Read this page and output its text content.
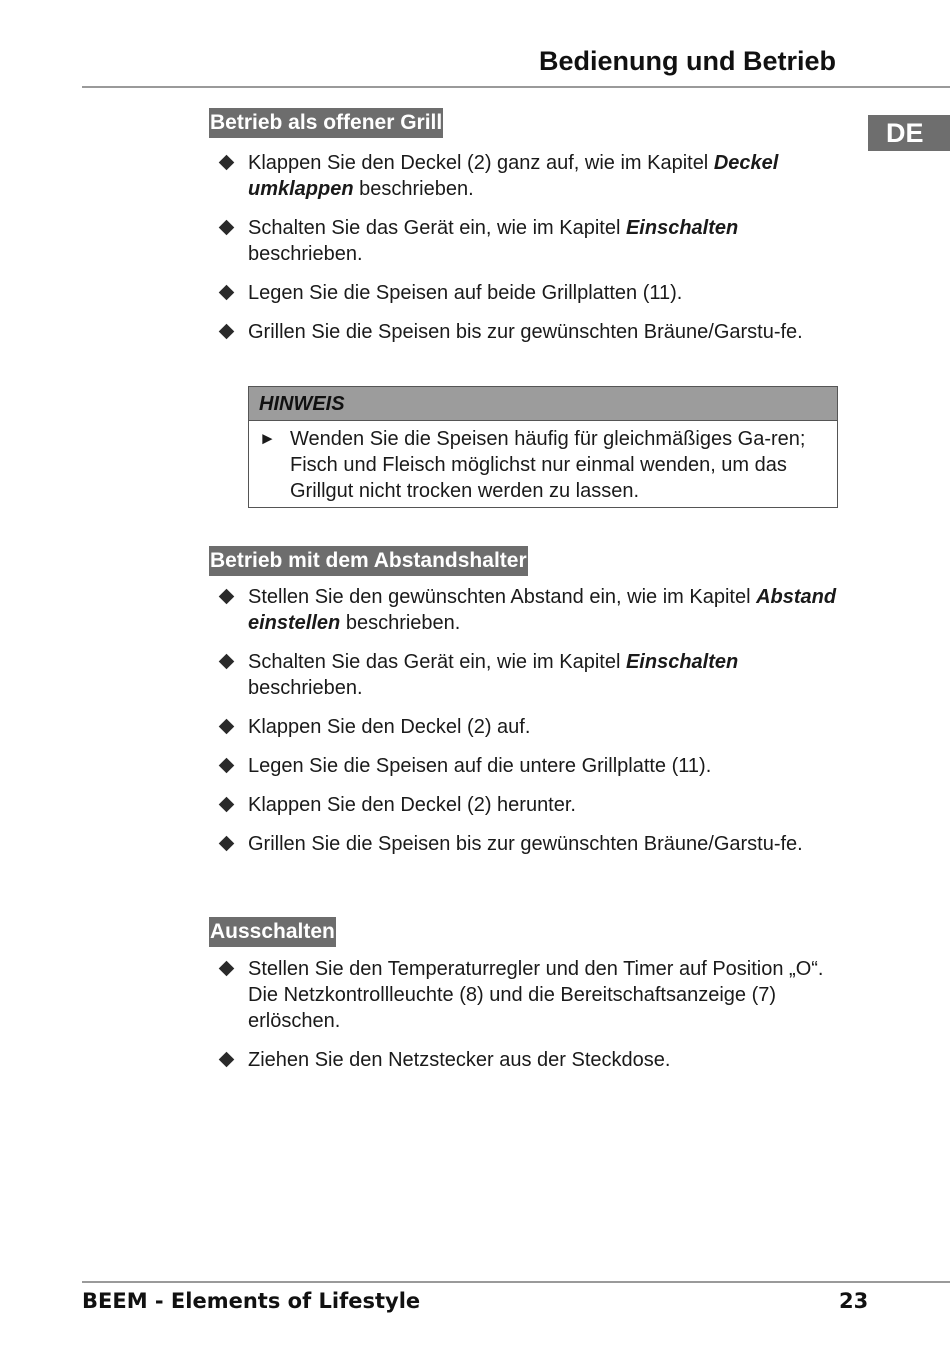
Bedienung und Betrieb
DE
Betrieb als offener Grill
Klappen Sie den Deckel (2) ganz auf, wie im Kapitel Deckel umklappen beschrieben.
Schalten Sie das Gerät ein, wie im Kapitel Einschalten
beschrieben.
Legen Sie die Speisen auf beide Grillplatten (11).
Grillen Sie die Speisen bis zur gewünschten Bräune/Garstu-fe.
HINWEIS
► Wenden Sie die Speisen häufig für gleichmäßiges Ga-ren; Fisch und Fleisch möglichst nur einmal wenden, um das Grillgut nicht trocken werden zu lassen.
Betrieb mit dem Abstandshalter
Stellen Sie den gewünschten Abstand ein, wie im Kapitel Abstand einstellen beschrieben.
Schalten Sie das Gerät ein, wie im Kapitel Einschalten
beschrieben.
Klappen Sie den Deckel (2) auf.
Legen Sie die Speisen auf die untere Grillplatte (11).
Klappen Sie den Deckel (2) herunter.
Grillen Sie die Speisen bis zur gewünschten Bräune/Garstu-fe.
Ausschalten
Stellen Sie den Temperaturregler und den Timer auf Position „O“. Die Netzkontrollleuchte (8) und die Bereitschaftsanzeige (7) erlöschen.
Ziehen Sie den Netzstecker aus der Steckdose.
BEEM - Elements of Lifestyle	23
